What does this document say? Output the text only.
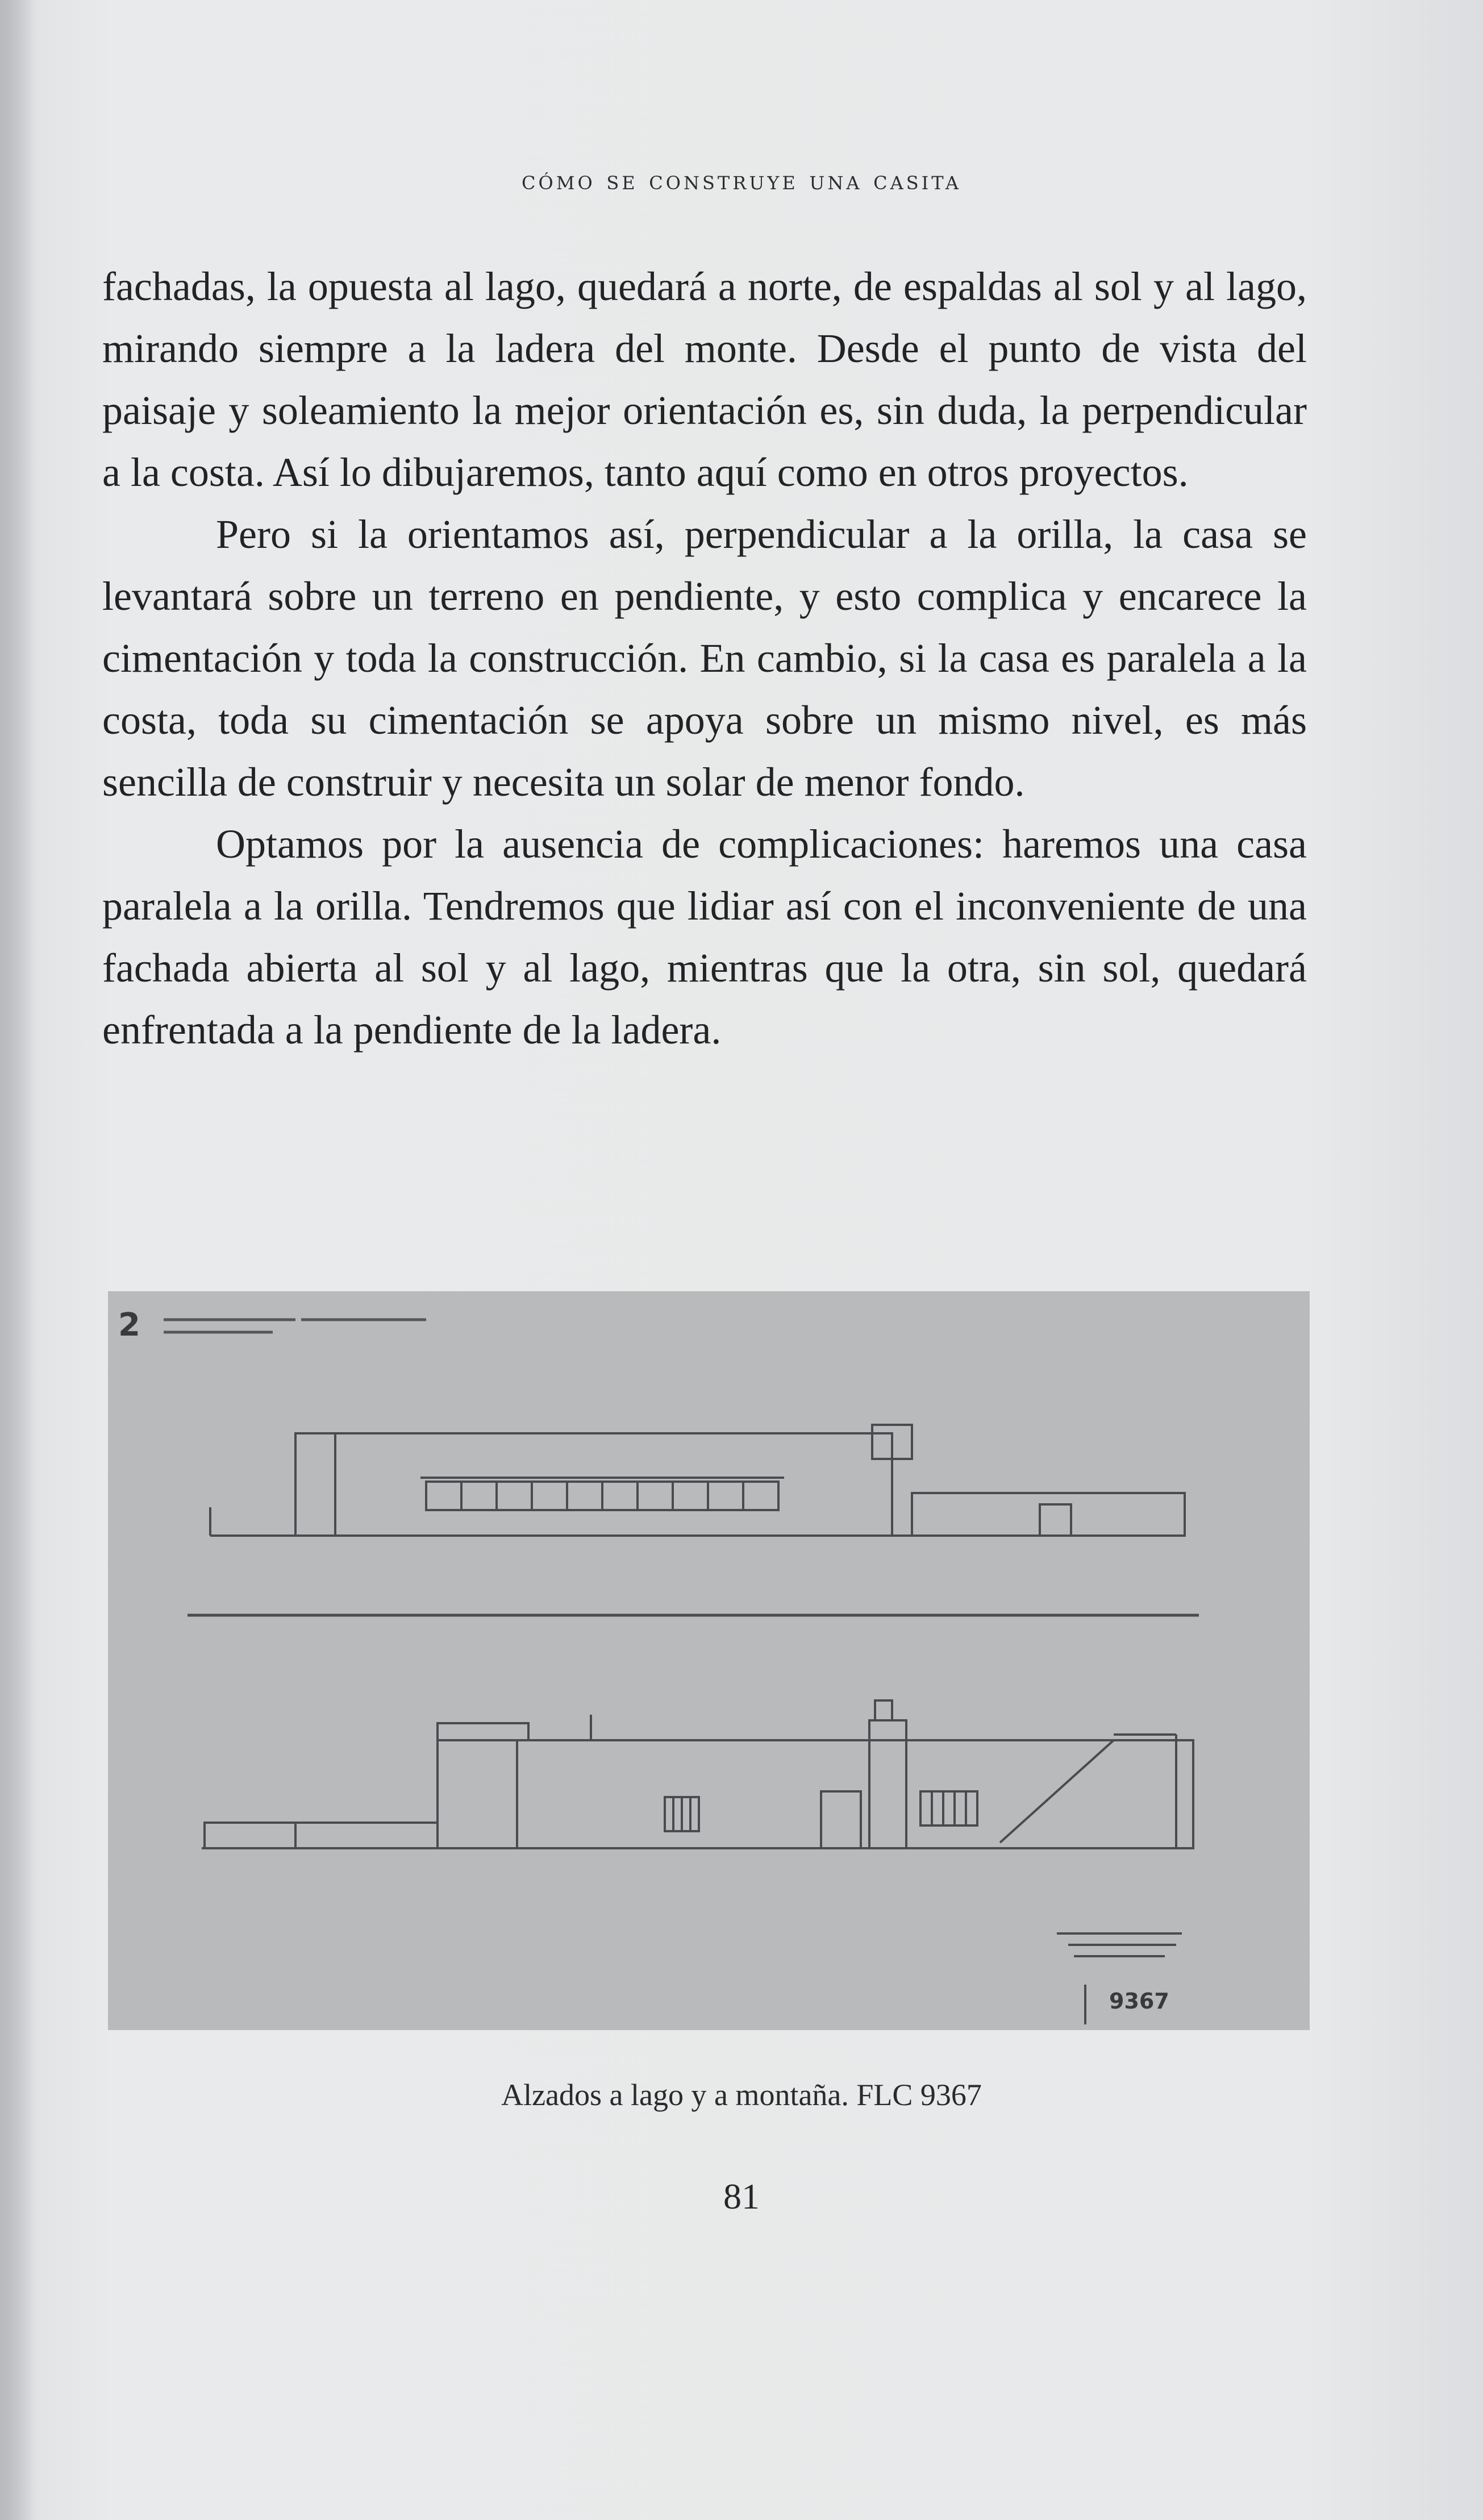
cómo se construye una casita

fachadas, la opuesta al lago, quedará a norte, de espaldas al sol y al lago, mirando siempre a la ladera del monte. Desde el punto de vista del paisaje y soleamiento la mejor orientación es, sin duda, la perpendicular a la costa. Así lo dibujaremos, tanto aquí como en otros proyectos.

Pero si la orientamos así, perpendicular a la orilla, la casa se levantará sobre un terreno en pendiente, y esto complica y encarece la cimentación y toda la construcción. En cambio, si la casa es paralela a la costa, toda su cimentación se apoya sobre un mismo nivel, es más sencilla de construir y necesita un solar de menor fondo.

Optamos por la ausencia de complicaciones: haremos una casa paralela a la orilla. Tendremos que lidiar así con el inconveniente de una fachada abierta al sol y al lago, mientras que la otra, sin sol, quedará enfrentada a la pendiente de la ladera.

2
9367
Alzados a lago y a montaña. FLC 9367
81
